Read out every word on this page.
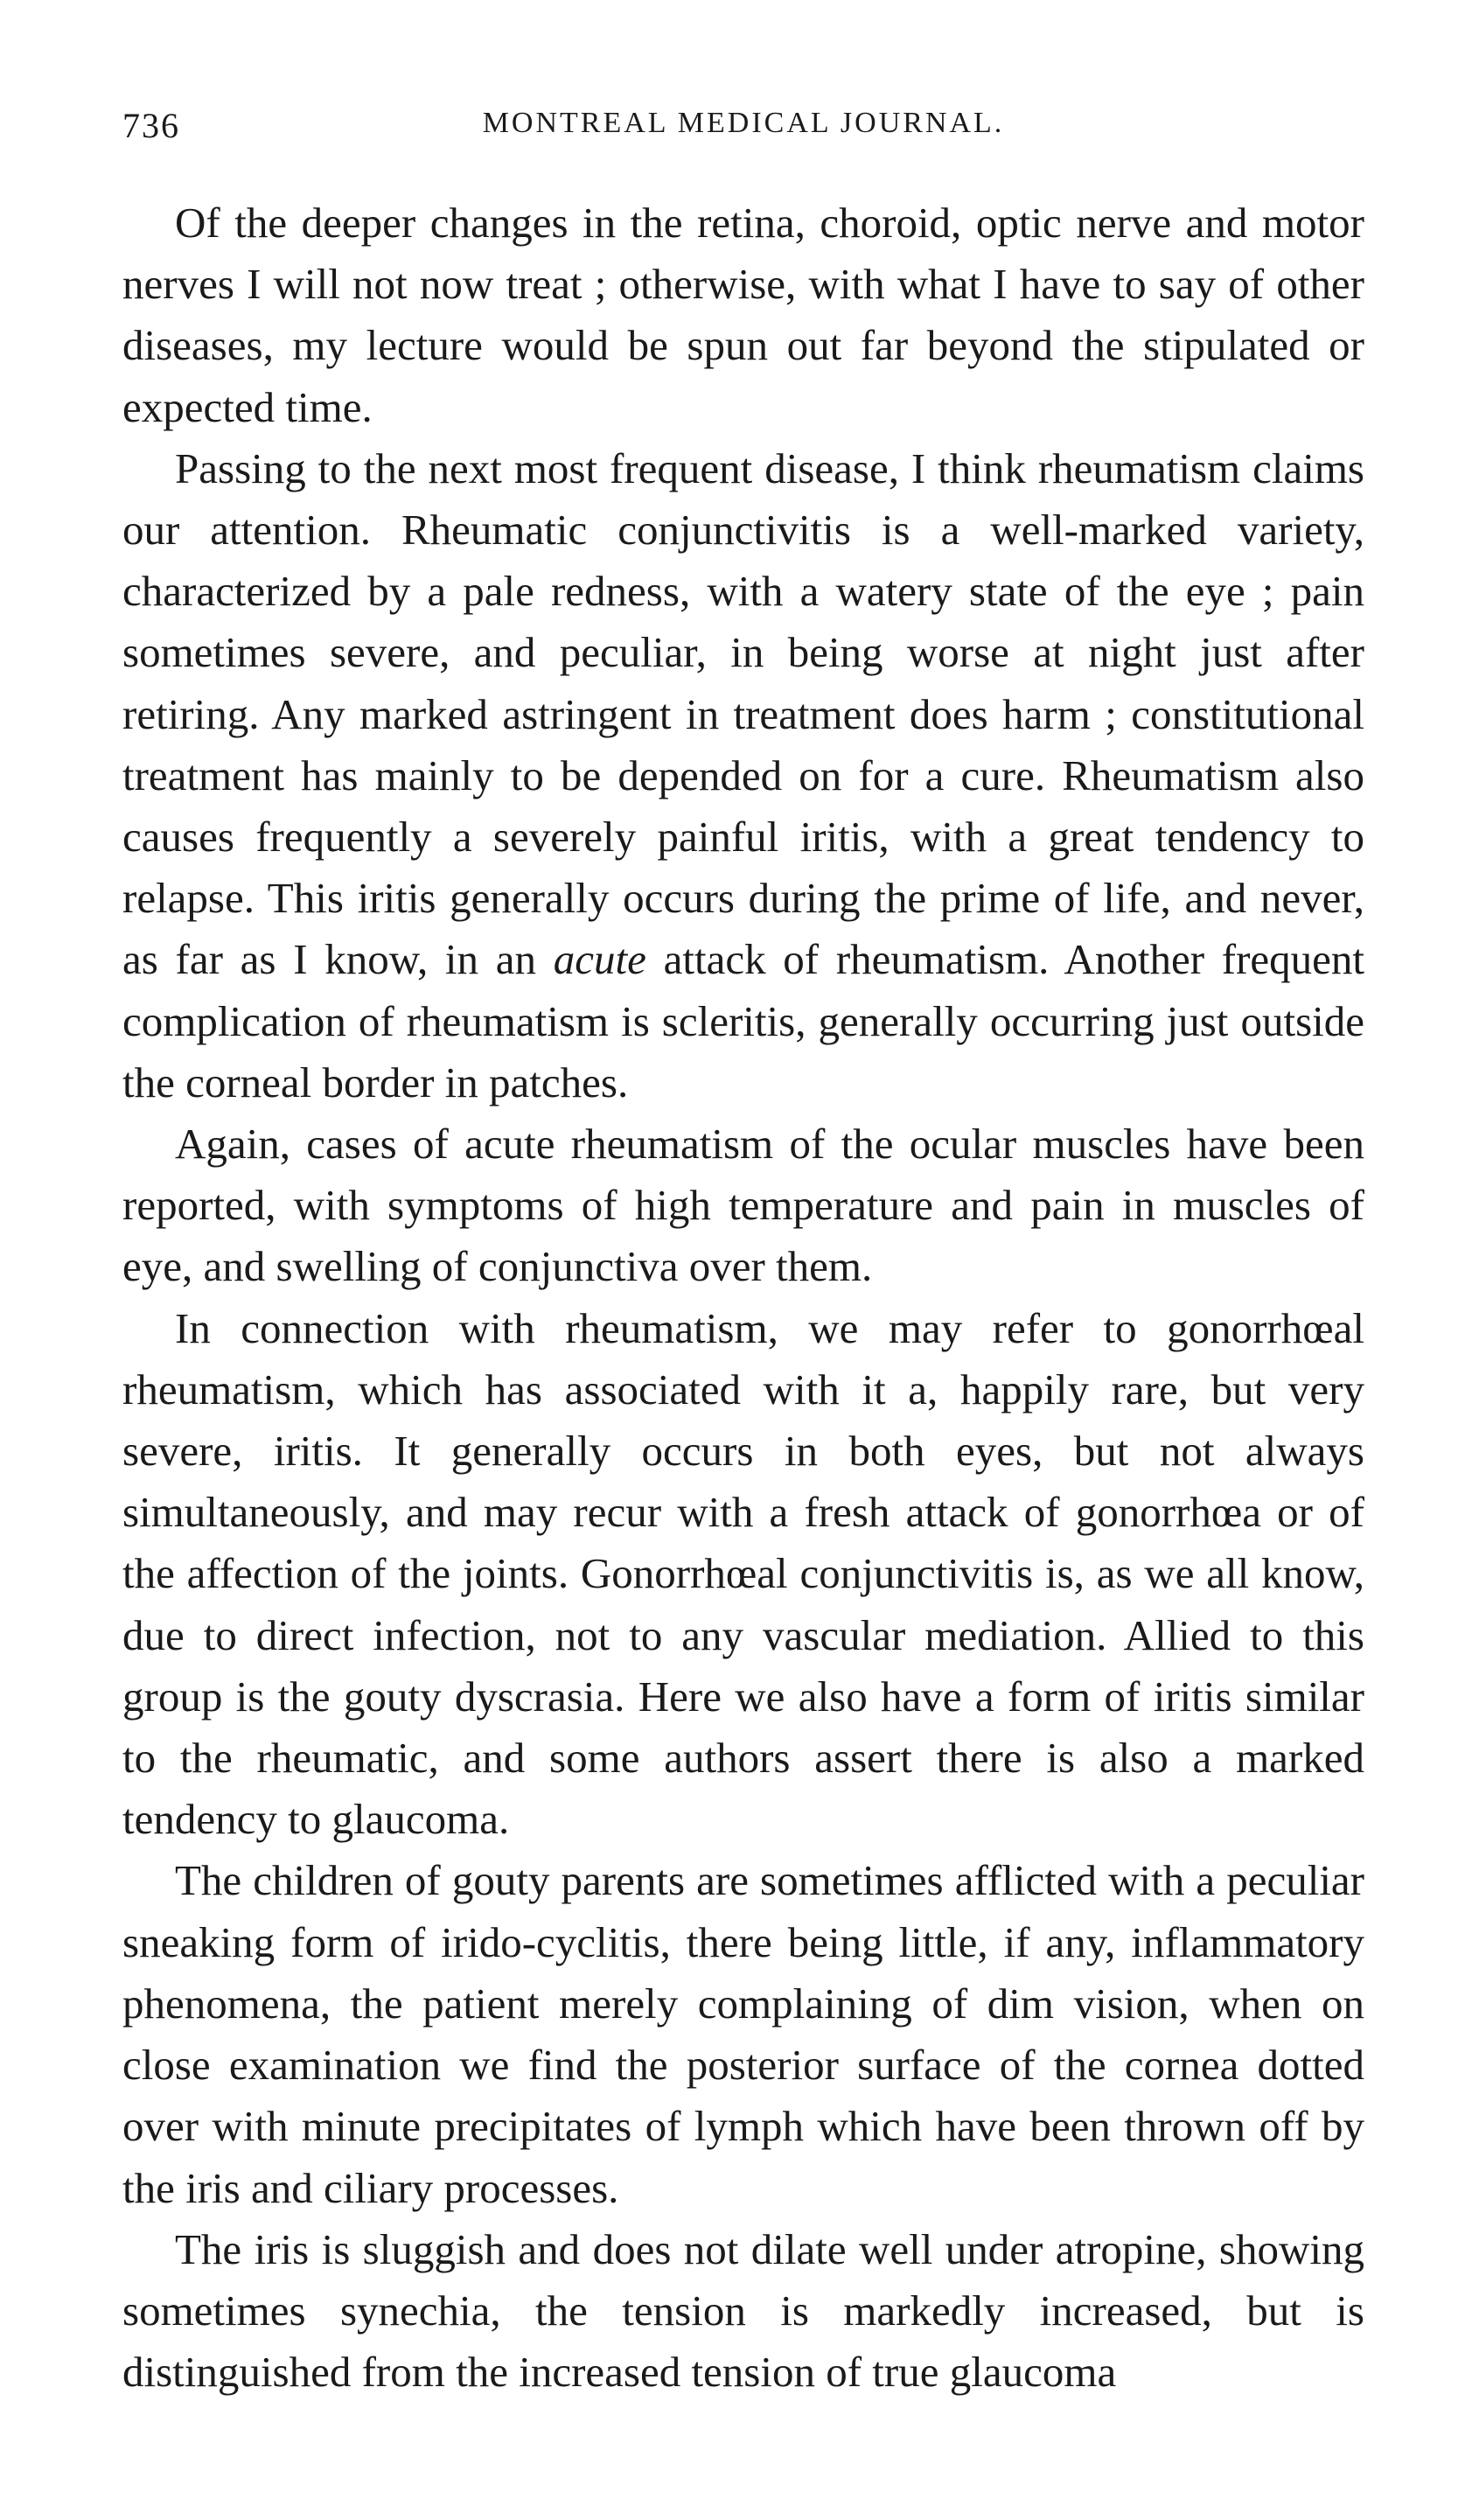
736	MONTREAL MEDICAL JOURNAL.

Of the deeper changes in the retina, choroid, optic nerve and motor nerves I will not now treat ; otherwise, with what I have to say of other diseases, my lecture would be spun out far beyond the stipulated or expected time.

Passing to the next most frequent disease, I think rheumatism claims our attention. Rheumatic conjunctivitis is a well-marked variety, characterized by a pale redness, with a watery state of the eye ; pain sometimes severe, and peculiar, in being worse at night just after retiring. Any marked astringent in treatment does harm ; constitutional treatment has mainly to be depended on for a cure. Rheumatism also causes frequently a severely painful iritis, with a great tendency to relapse. This iritis generally occurs during the prime of life, and never, as far as I know, in an acute attack of rheumatism. Another frequent complication of rheumatism is scleritis, generally occurring just outside the corneal border in patches.

Again, cases of acute rheumatism of the ocular muscles have been reported, with symptoms of high temperature and pain in muscles of eye, and swelling of conjunctiva over them.

In connection with rheumatism, we may refer to gonorrhœal rheumatism, which has associated with it a, happily rare, but very severe, iritis. It generally occurs in both eyes, but not always simultaneously, and may recur with a fresh attack of gonorrhœa or of the affection of the joints. Gonorrhœal conjunctivitis is, as we all know, due to direct infection, not to any vascular mediation. Allied to this group is the gouty dyscrasia. Here we also have a form of iritis similar to the rheumatic, and some authors assert there is also a marked tendency to glaucoma.

The children of gouty parents are sometimes afflicted with a peculiar sneaking form of irido-cyclitis, there being little, if any, inflammatory phenomena, the patient merely complaining of dim vision, when on close examination we find the posterior surface of the cornea dotted over with minute precipitates of lymph which have been thrown off by the iris and ciliary processes.

The iris is sluggish and does not dilate well under atropine, showing sometimes synechia, the tension is markedly increased, but is distinguished from the increased tension of true glaucoma
